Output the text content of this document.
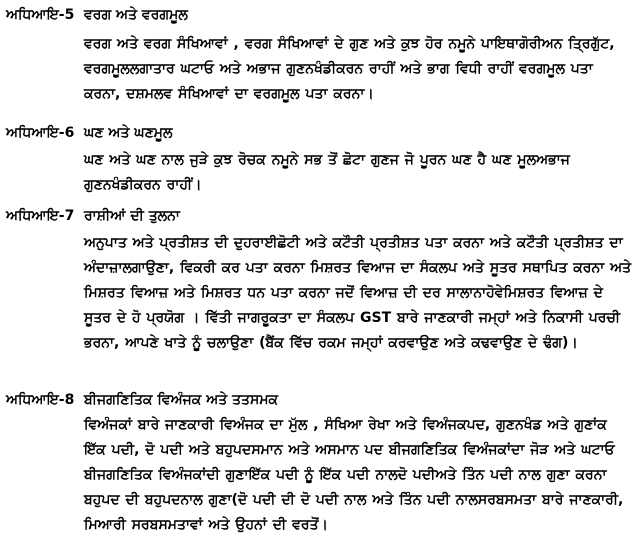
ਅਧਿਆਇ-5 ਵਰਗ ਅਤੇ ਵਰਗਮੂਲ
ਵਰਗ ਅਤੇ ਵਰਗ ਸੰਖਿਆਵਾਂ , ਵਰਗ ਸੰਖਿਆਵਾਂ ਦੇ ਗੁਣ ਅਤੇ ਕੁਝ ਹੋਰ ਨਮੂਨੇ ਪਾਇਥਾਗੋਰੀਅਨ ਤ੍ਰਿਗੁੱਟ, ਵਰਗਮੂਲਲਗਾਤਾਰ ਘਟਾਓ ਅਤੇ ਅਭਾਜ ਗੁਣਨਖੰਡੀਕਰਨ ਰਾਹੀਂ ਅਤੇ ਭਾਗ ਵਿਧੀ ਰਾਹੀਂ ਵਰਗਮੂਲ ਪਤਾ ਕਰਨਾ, ਦਸ਼ਮਲਵ ਸੰਖਿਆਵਾਂ ਦਾ ਵਰਗਮੂਲ ਪਤਾ ਕਰਨਾ।
ਅਧਿਆਇ-6 ਘਣ ਅਤੇ ਘਣਮੂਲ
ਘਣ ਅਤੇ ਘਣ ਨਾਲ ਜੁੜੇ ਕੁਝ ਰੋਚਕ ਨਮੂਨੇ ਸਭ ਤੋਂ ਛੋਟਾ ਗੁਣਜ ਜੋ ਪੂਰਨ ਘਣ ਹੈ ਘਣ ਮੂਲਅਭਾਜ ਗੁਣਨਖੰਡੀਕਰਨ ਰਾਹੀਂ।
ਅਧਿਆਇ-7 ਰਾਸ਼ੀਆਂ ਦੀ ਤੁਲਨਾ
ਅਨੁਪਾਤ ਅਤੇ ਪ੍ਰਤੀਸ਼ਤ ਦੀ ਦੁਹਰਾਈਛੋਟੀ ਅਤੇ ਕਟੌਤੀ ਪ੍ਰਤੀਸ਼ਤ ਪਤਾ ਕਰਨਾ ਅਤੇ ਕਟੌਤੀ ਪ੍ਰਤੀਸ਼ਤ ਦਾ ਅੰਦਾਜ਼ਾਲਗਾਉਣਾ, ਵਿਕਰੀ ਕਰ ਪਤਾ ਕਰਨਾ ਮਿਸ਼ਰਤ ਵਿਆਜ ਦਾ ਸੰਕਲਪ ਅਤੇ ਸੂਤਰ ਸਥਾਪਿਤ ਕਰਨਾ ਅਤੇ ਮਿਸ਼ਰਤ ਵਿਆਜ਼ ਅਤੇ ਮਿਸ਼ਰਤ ਧਨ ਪਤਾ ਕਰਨਾ ਜਦੋਂ ਵਿਆਜ਼ ਦੀ ਦਰ ਸਾਲਾਨਾਹੋਵੇਮਿਸ਼ਰਤ ਵਿਆਜ਼ ਦੇ ਸੂਤਰ ਦੇ ਹੋ ਪ੍ਰਯੋਗ । ਵਿੱਤੀ ਜਾਗਰੂਕਤਾ ਦਾ ਸੰਕਲਪ GST ਬਾਰੇ ਜਾਣਕਾਰੀ ਜਮ੍ਹਾਂ ਅਤੇ ਨਿਕਾਸੀ ਪਰਚੀ ਭਰਨਾ, ਆਪਣੇ ਖਾਤੇ ਨੂੰ ਚਲਾਉਣਾ (ਬੈਂਕ ਵਿੱਚ ਰਕਮ ਜਮ੍ਹਾਂ ਕਰਵਾਉਣ ਅਤੇ ਕਢਵਾਉਣ ਦੇ ਢੰਗ)।
ਅਧਿਆਇ-8 ਬੀਜਗਣਿਤਿਕ ਵਿਅੰਜਕ ਅਤੇ ਤਤਸਮਕ
ਵਿਅੰਜਕਾਂ ਬਾਰੇ ਜਾਣਕਾਰੀ ਵਿਅੰਜਕ ਦਾ ਮੁੱਲ , ਸੰਖਿਆ ਰੇਖਾ ਅਤੇ ਵਿਅੰਜਕਪਦ, ਗੁਣਨਖੰਡ ਅਤੇ ਗੁਣਾਂਕ ਇੱਕ ਪਦੀ, ਦੋ ਪਦੀ ਅਤੇ ਬਹੁਪਦਸਮਾਨ ਅਤੇ ਅਸਮਾਨ ਪਦ ਬੀਜਗਣਿਤਿਕ ਵਿਅੰਜਕਾਂਦਾ ਜੋੜ ਅਤੇ ਘਟਾਓ ਬੀਜਗਣਿਤਿਕ ਵਿਅੰਜਕਾਂਦੀ ਗੁਣਾਇੱਕ ਪਦੀ ਨੂੰ ਇੱਕ ਪਦੀ ਨਾਲਦੋ ਪਦੀਅਤੇ ਤਿੰਨ ਪਦੀ ਨਾਲ ਗੁਣਾ ਕਰਨਾ ਬਹੁਪਦ ਦੀ ਬਹੁਪਦਨਾਲ ਗੁਣਾ(ਦੋ ਪਦੀ ਦੀ ਦੋ ਪਦੀ ਨਾਲ ਅਤੇ ਤਿੰਨ ਪਦੀ ਨਾਲਸਰਬਸਮਤਾ ਬਾਰੇ ਜਾਣਕਾਰੀ, ਮਿਆਰੀ ਸਰਬਸਮਤਾਵਾਂ ਅਤੇ ਉਹਨਾਂ ਦੀ ਵਰਤੋਂ।
